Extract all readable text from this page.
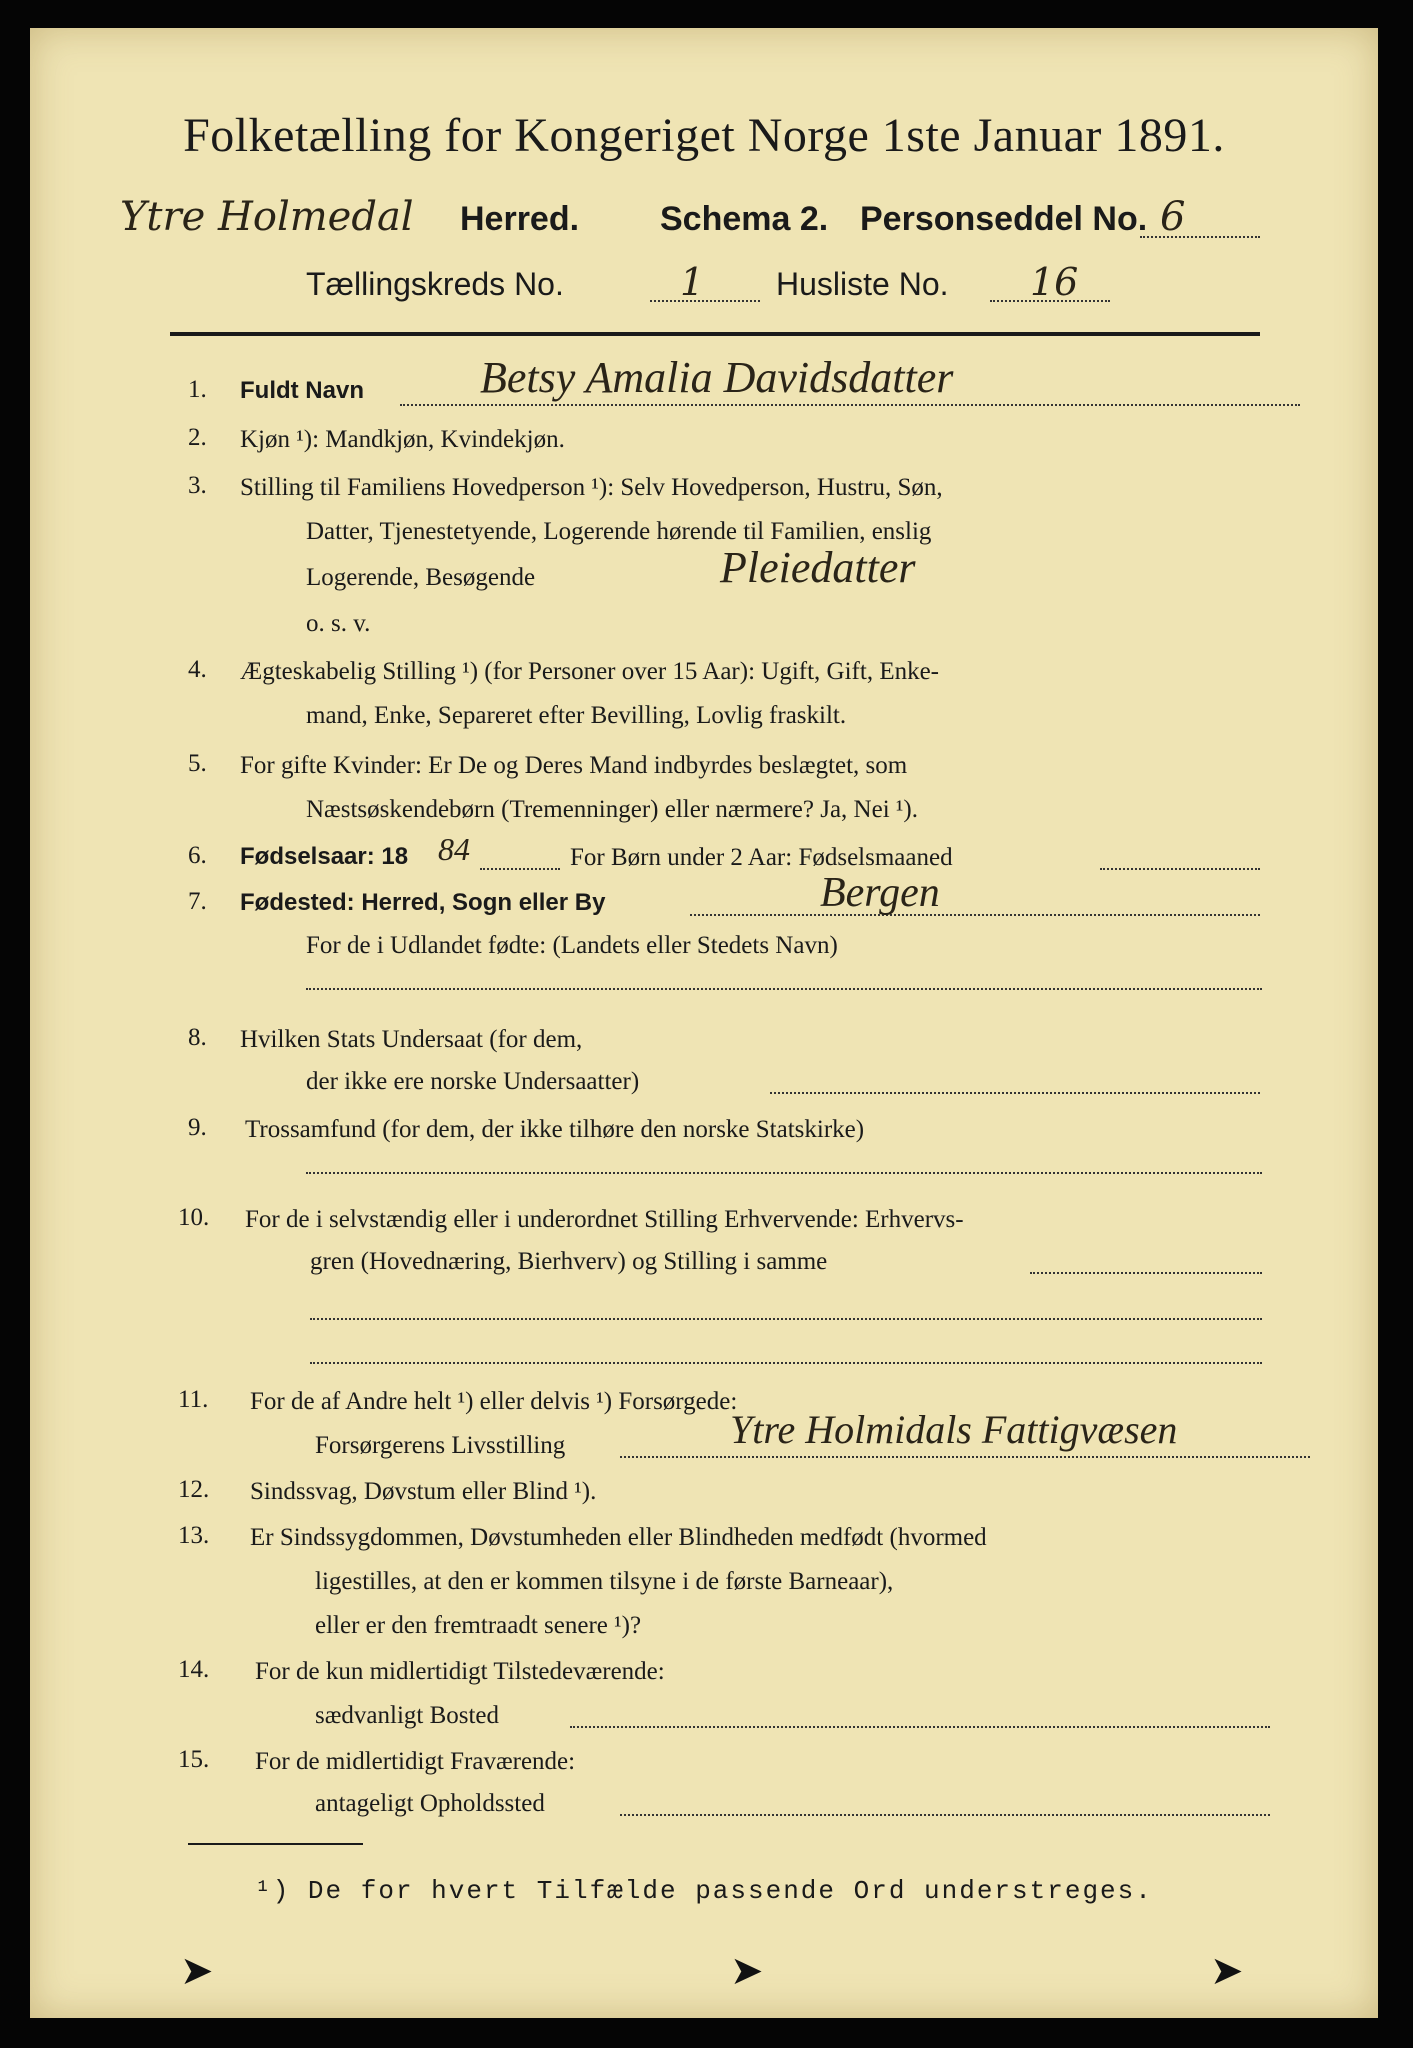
Folketælling for Kongeriget Norge 1ste Januar 1891.
Ytre Holmedal Herred. Schema 2. Personseddel No. 6
Tællingskreds No.	1 Husliste No. 16
1. Fuldt Navn	Betsy Amalia Davidsdatter
2. Kjøn ¹): Mandkjøn, Kvindekjøn.
3. Stilling til Familiens Hovedperson ¹): Selv Hovedperson, Hustru, Søn,
Datter, Tjenestetyende, Logerende hørende til Familien, enslig
Logerende, Besøgende
o. s. v.
Pleiedatter
4. Ægteskabelig Stilling ¹) (for Personer over 15 Aar): Ugift, Gift, Enke-
mand, Enke, Separeret efter Bevilling, Lovlig fraskilt.
5. For gifte Kvinder: Er De og Deres Mand indbyrdes beslægtet, som
Næstsøskendebørn (Tremenninger) eller nærmere? Ja, Nei ¹).
6. Fødselsaar: 18 84	For Børn under 2 Aar: Fødselsmaaned
7. Fødested: Herred, Sogn eller By	Bergen
For de i Udlandet fødte: (Landets eller Stedets Navn)
8. Hvilken Stats Undersaat (for dem,
der ikke ere norske Undersaatter)
9. Trossamfund (for dem, der ikke tilhøre den norske Statskirke)
10. For de i selvstændig eller i underordnet Stilling Erhvervende: Erhvervs-
gren (Hovednæring, Bierhverv) og Stilling i samme
11. For de af Andre helt ¹) eller delvis ¹) Forsørgede:
Forsørgerens Livsstilling	Ytre Holmidals Fattigvæsen
12. Sindssvag, Døvstum eller Blind ¹).
13. Er Sindssygdommen, Døvstumheden eller Blindheden medfødt (hvormed
ligestilles, at den er kommen tilsyne i de første Barneaar),
eller er den fremtraadt senere ¹)?
14. For de kun midlertidigt Tilstedeværende:
sædvanligt Bosted
15. For de midlertidigt Fraværende:
antageligt Opholdssted
¹) De for hvert Tilfælde passende Ord understreges.
➤	➤	➤
